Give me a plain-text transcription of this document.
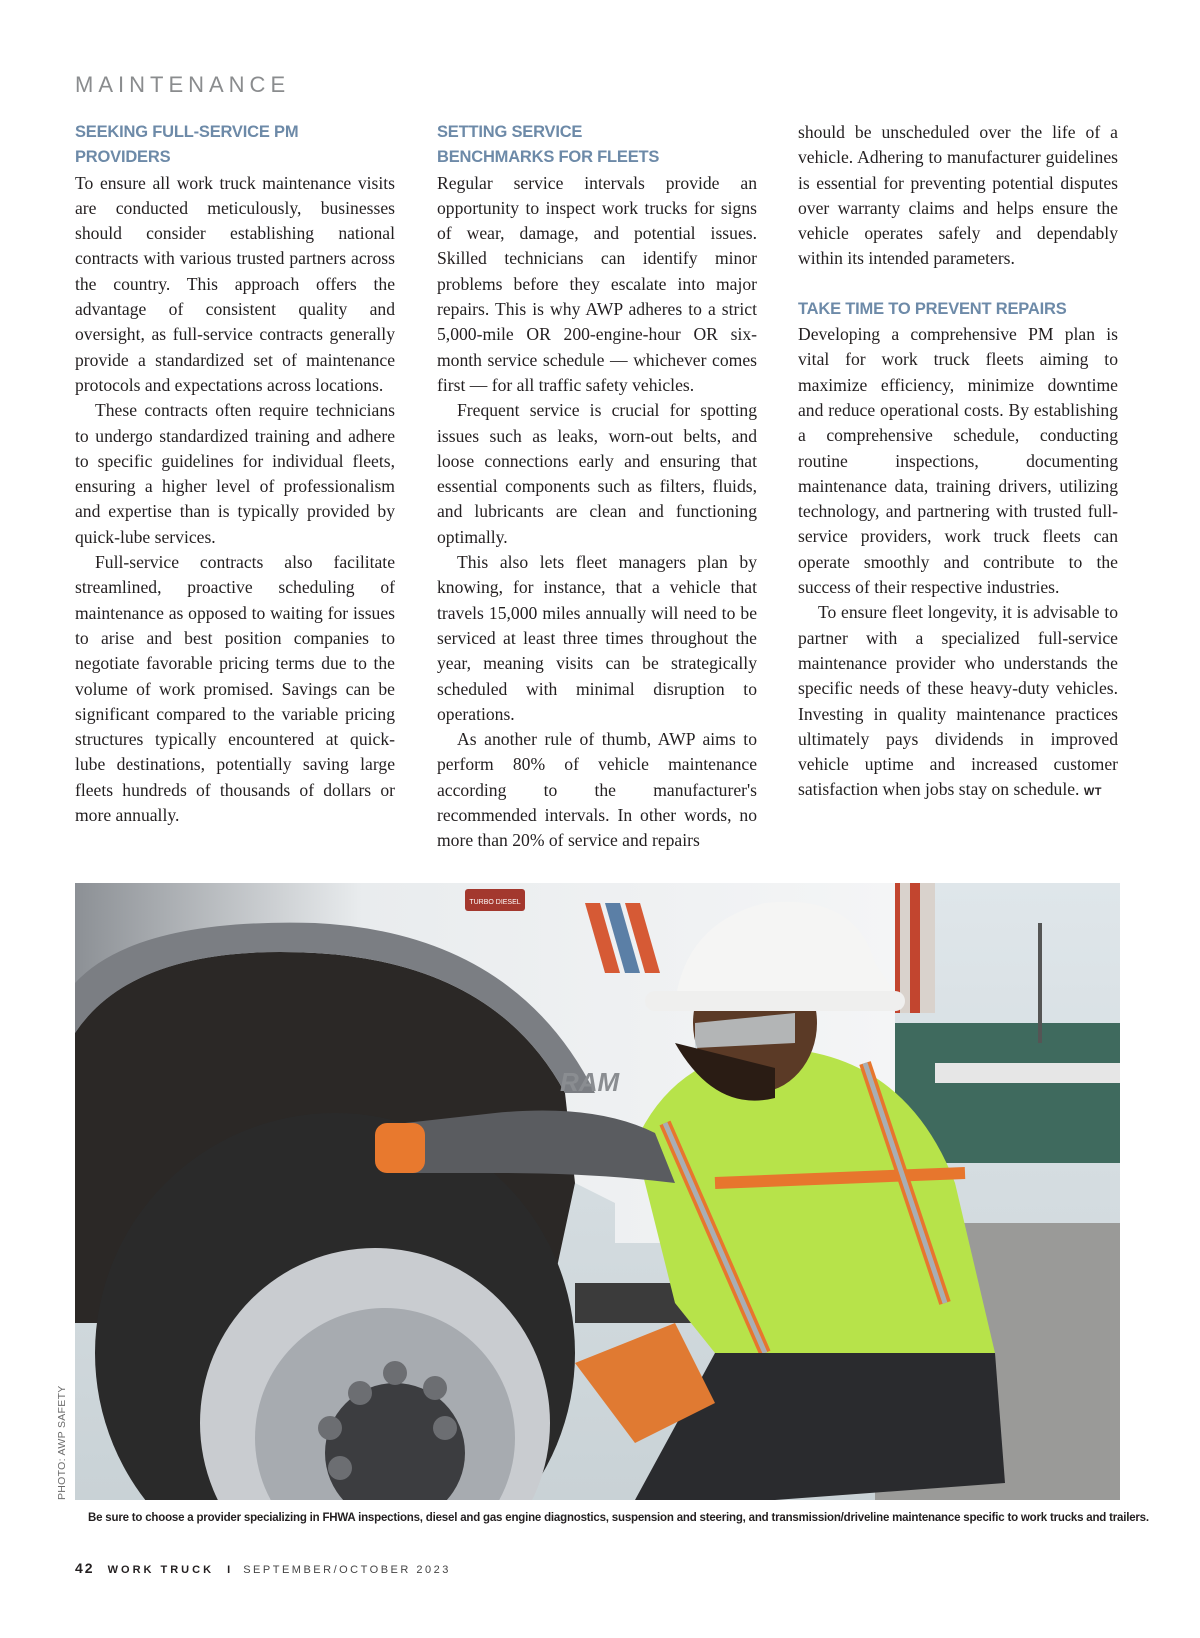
MAINTENANCE
SEEKING FULL-SERVICE PM PROVIDERS

To ensure all work truck maintenance visits are conducted meticulously, businesses should consider establishing national contracts with various trusted partners across the country. This approach offers the advantage of consistent quality and oversight, as full-service contracts generally provide a standardized set of maintenance protocols and expectations across locations.

These contracts often require technicians to undergo standardized training and adhere to specific guidelines for individual fleets, ensuring a higher level of professionalism and expertise than is typically provided by quick-lube services.

Full-service contracts also facilitate streamlined, proactive scheduling of maintenance as opposed to waiting for issues to arise and best position companies to negotiate favorable pricing terms due to the volume of work promised. Savings can be significant compared to the variable pricing structures typically encountered at quick-lube destinations, potentially saving large fleets hundreds of thousands of dollars or more annually.

SETTING SERVICE
BENCHMARKS FOR FLEETS

Regular service intervals provide an opportunity to inspect work trucks for signs of wear, damage, and potential issues. Skilled technicians can identify minor problems before they escalate into major repairs. This is why AWP adheres to a strict 5,000-mile OR 200-engine-hour OR six-month service schedule — whichever comes first — for all traffic safety vehicles.

Frequent service is crucial for spotting issues such as leaks, worn-out belts, and loose connections early and ensuring that essential components such as filters, fluids, and lubricants are clean and functioning optimally.

This also lets fleet managers plan by knowing, for instance, that a vehicle that travels 15,000 miles annually will need to be serviced at least three times throughout the year, meaning visits can be strategically scheduled with minimal disruption to operations.

As another rule of thumb, AWP aims to perform 80% of vehicle maintenance according to the manufacturer's recommended intervals. In other words, no more than 20% of service and repairs

should be unscheduled over the life of a vehicle. Adhering to manufacturer guidelines is essential for preventing potential disputes over warranty claims and helps ensure the vehicle operates safely and dependably within its intended parameters.

TAKE TIME TO PREVENT REPAIRS

Developing a comprehensive PM plan is vital for work truck fleets aiming to maximize efficiency, minimize downtime and reduce operational costs. By establishing a comprehensive schedule, conducting routine inspections, documenting maintenance data, training drivers, utilizing technology, and partnering with trusted full-service providers, work truck fleets can operate smoothly and contribute to the success of their respective industries.

To ensure fleet longevity, it is advisable to partner with a specialized full-service maintenance provider who understands the specific needs of these heavy-duty vehicles. Investing in quality maintenance practices ultimately pays dividends in improved vehicle uptime and increased customer satisfaction when jobs stay on schedule. WT

TURBO DIESEL
RAM
PHOTO: AWP SAFETY
Be sure to choose a provider specializing in FHWA inspections, diesel and gas engine diagnostics, suspension and steering, and transmission/driveline maintenance specific to work trucks and trailers.
42 WORK TRUCK I SEPTEMBER/OCTOBER 2023
